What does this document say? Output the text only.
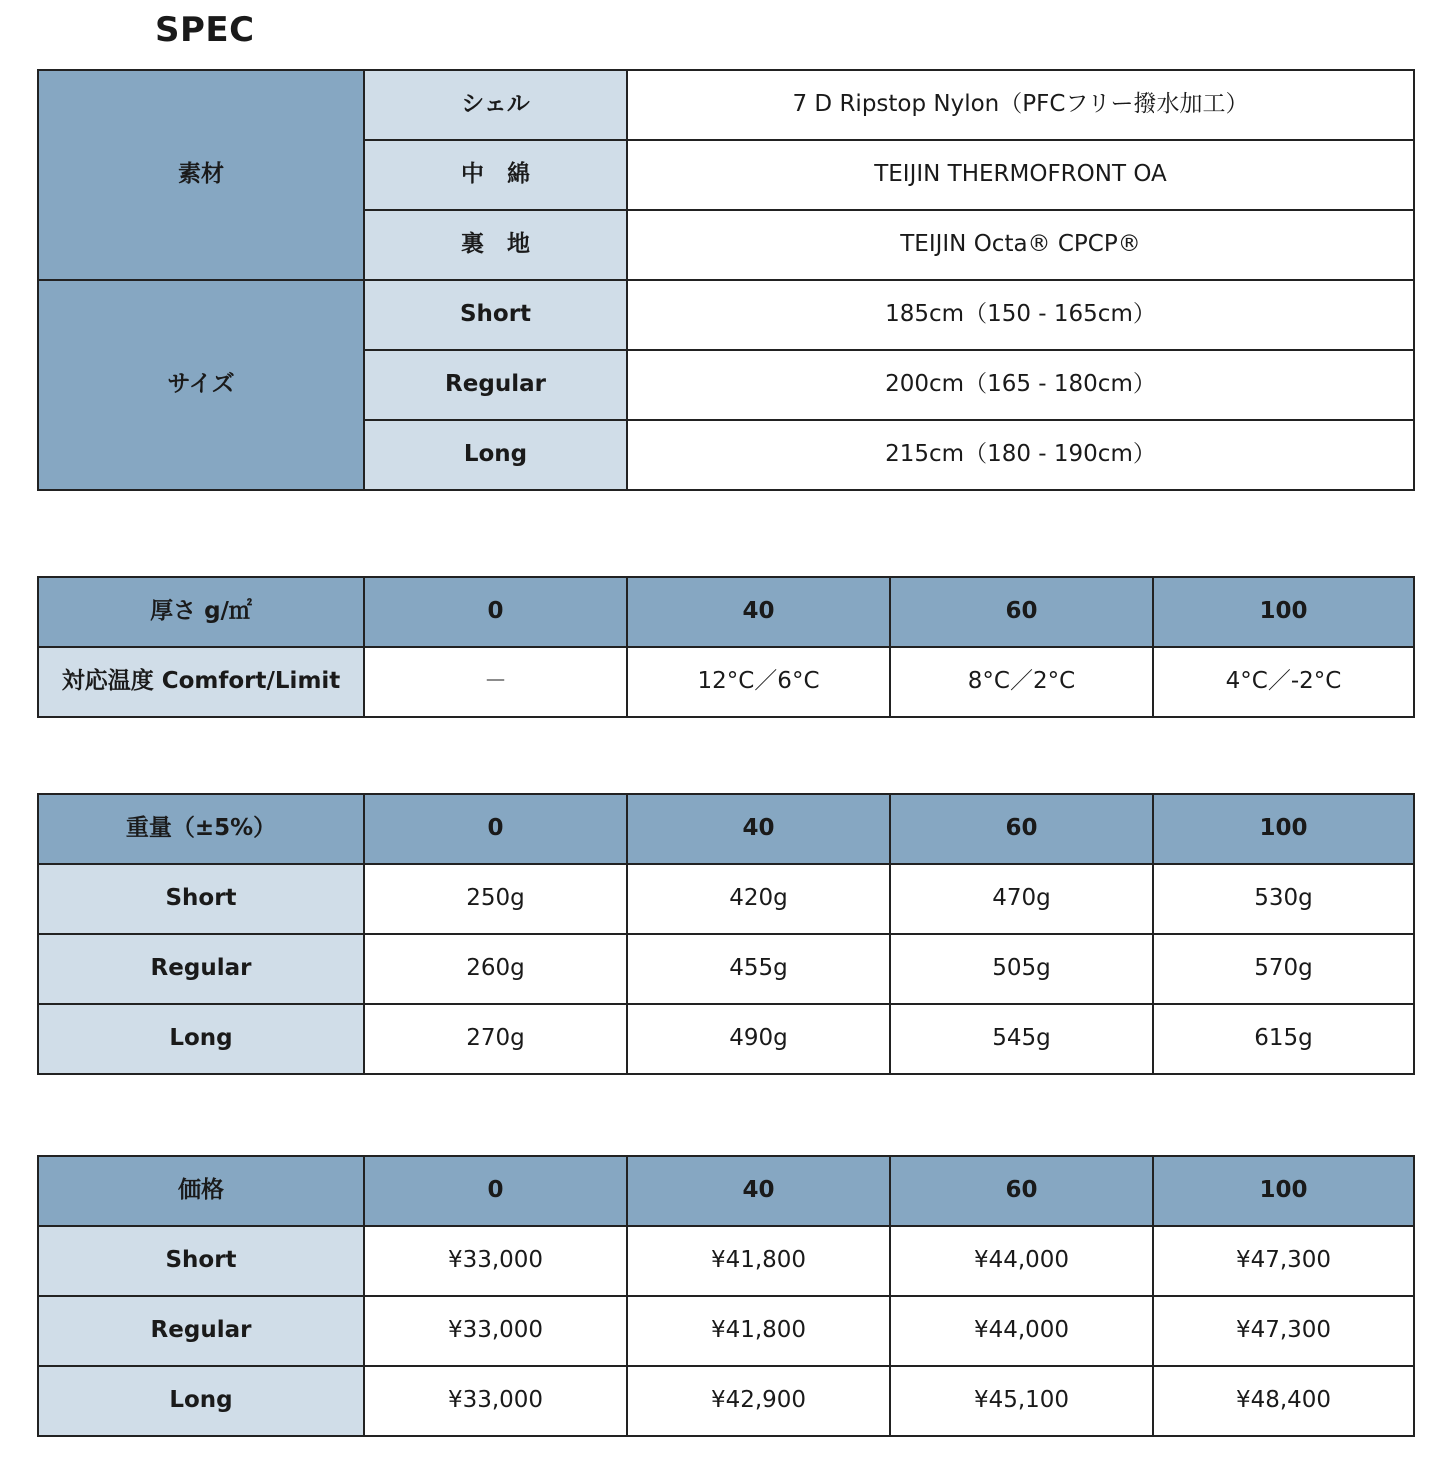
SPEC
素材	シェル	7 D Ripstop Nylon（PFCフリー撥水加工）
	中　綿	TEIJIN THERMOFRONT OA
	裏　地	TEIJIN Octa® CPCP®
サイズ	Short	185cm（150 - 165cm）
	Regular	200cm（165 - 180cm）
	Long	215cm（180 - 190cm）
厚さ g/㎡	0	40	60	100
対応温度 Comfort/Limit	－	12°C／6°C	8°C／2°C	4°C／-2°C
重量（±5%）	0	40	60	100
Short	250g	420g	470g	530g
Regular	260g	455g	505g	570g
Long	270g	490g	545g	615g
価格	0	40	60	100
Short	¥33,000	¥41,800	¥44,000	¥47,300
Regular	¥33,000	¥41,800	¥44,000	¥47,300
Long	¥33,000	¥42,900	¥45,100	¥48,400
